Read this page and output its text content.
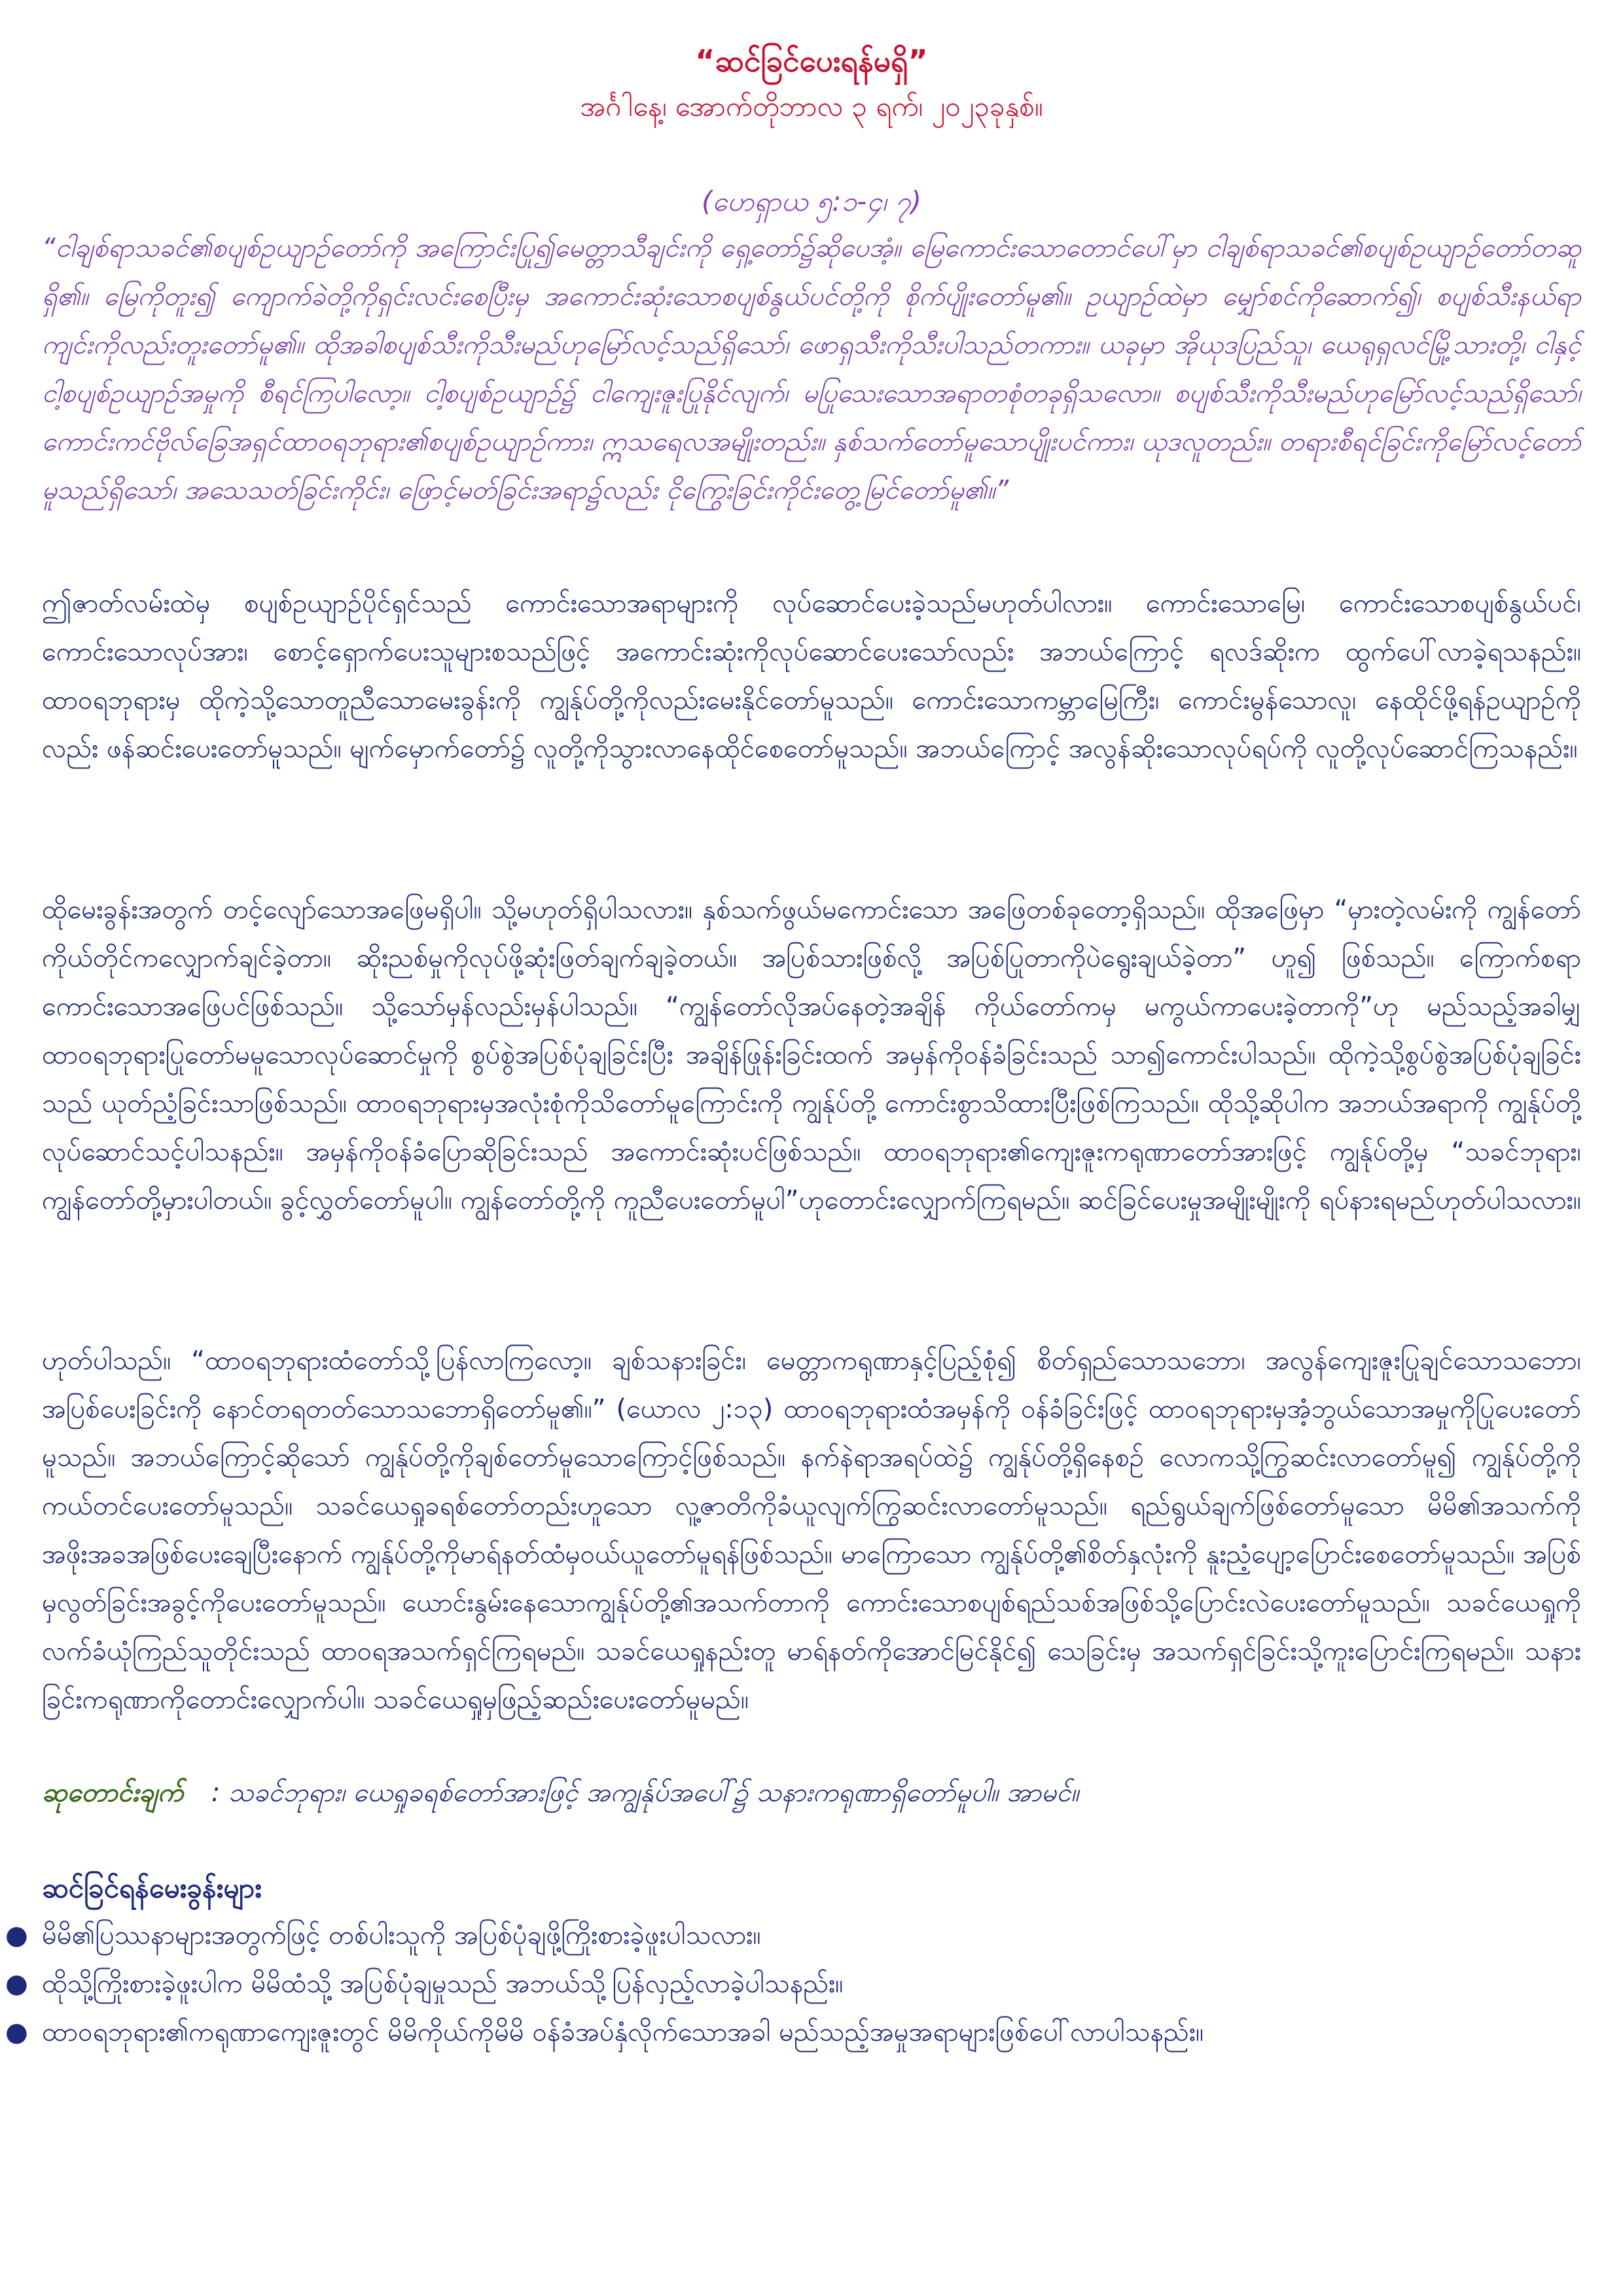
“ဆင်ခြင်ပေးရန်မရှိ”
အင်္ဂါနေ့၊ အောက်တိုဘာလ ၃ ရက်၊ ၂၀၂၃ခုနှစ်။
(ဟေရှာယ ၅:၁-၄၊ ၇)
“ငါချစ်ရာသခင်၏စပျစ်ဥယျာဉ်တော်ကို အကြောင်းပြု၍မေတ္တာသီချင်းကို ရှေ့တော်၌ဆိုပေအံ့။ မြေကောင်းသောတောင်ပေါ်မှာ ငါချစ်ရာသခင်၏စပျစ်ဥယျာဉ်တော်တဆူရှိ၏။ မြေကိုတူး၍ ကျောက်ခဲတို့ကိုရှင်းလင်းစေပြီးမှ အကောင်းဆုံးသောစပျစ်နွယ်ပင်တို့ကို စိုက်ပျိုးတော်မူ၏။ ဥယျာဉ်ထဲမှာ မျှော်စင်ကိုဆောက်၍၊ စပျစ်သီးနယ်ရာကျင်းကိုလည်းတူးတော်မူ၏။ ထိုအခါစပျစ်သီးကိုသီးမည်ဟုမြော်လင့်သည်ရှိသော်၊ ဖောရှသီးကိုသီးပါသည်တကား။ ယခုမှာ အိုယုဒပြည်သူ၊ ယေရုရှလင်မြို့သားတို့၊ ငါနှင့်ငါ့စပျစ်ဥယျာဉ်အမှုကို စီရင်ကြပါလော့။ ငါ့စပျစ်ဥယျာဉ်၌ ငါကျေးဇူးပြုနိုင်လျက်၊ မပြုသေးသောအရာတစုံတခုရှိသလော။ စပျစ်သီးကိုသီးမည်ဟုမြော်လင့်သည်ရှိသော်၊ ကောင်းကင်ဗိုလ်ခြေအရှင်ထာဝရဘုရား၏စပျစ်ဥယျာဉ်ကား၊ ဣသရေလအမျိုးတည်း။ နှစ်သက်တော်မူသောပျိုးပင်ကား၊ ယုဒလူတည်း။ တရားစီရင်ခြင်းကိုမြော်လင့်တော်မူသည်ရှိသော်၊ အသေသတ်ခြင်းကိုင်း၊ ဖြောင့်မတ်ခြင်းအရာ၌လည်း ငိုကြွေးခြင်းကိုင်းတွေ့မြင်တော်မူ၏။”
ဤဇာတ်လမ်းထဲမှ စပျစ်ဥယျာဉ်ပိုင်ရှင်သည် ကောင်းသောအရာများကို လုပ်ဆောင်ပေးခဲ့သည်မဟုတ်ပါလား။ ကောင်းသောမြေ၊ ကောင်းသောစပျစ်နွယ်ပင်၊ ကောင်းသောလုပ်အား၊ စောင့်ရှောက်ပေးသူများစသည်ဖြင့် အကောင်းဆုံးကိုလုပ်ဆောင်ပေးသော်လည်း အဘယ်ကြောင့် ရလဒ်ဆိုးက ထွက်ပေါ်လာခဲ့ရသနည်း။ ထာဝရဘုရားမှ ထိုကဲ့သို့သောတူညီသောမေးခွန်းကို ကျွန်ုပ်တို့ကိုလည်းမေးနိုင်တော်မူသည်။ ကောင်းသောကမ္ဘာမြေကြီး၊ ကောင်းမွန်သောလူ၊ နေထိုင်ဖို့ရန်ဥယျာဉ်ကိုလည်း ဖန်ဆင်းပေးတော်မူသည်။ မျက်မှောက်တော်၌ လူတို့ကိုသွားလာနေထိုင်စေတော်မူသည်။ အဘယ်ကြောင့် အလွန်ဆိုးသောလုပ်ရပ်ကို လူတို့လုပ်ဆောင်ကြသနည်း။
ထိုမေးခွန်းအတွက် တင့်လျော်သောအဖြေမရှိပါ။ သို့မဟုတ်ရှိပါသလား။ နှစ်သက်ဖွယ်မကောင်းသော အဖြေတစ်ခုတော့ရှိသည်။ ထိုအဖြေမှာ “မှားတဲ့လမ်းကို ကျွန်တော်ကိုယ်တိုင်ကလျှောက်ချင်ခဲ့တာ။ ဆိုးညစ်မှုကိုလုပ်ဖို့ဆုံးဖြတ်ချက်ချခဲ့တယ်။ အပြစ်သားဖြစ်လို့ အပြစ်ပြုတာကိုပဲရွေးချယ်ခဲ့တာ” ဟူ၍ ဖြစ်သည်။ ကြောက်စရာကောင်းသောအဖြေပင်ဖြစ်သည်။ သို့သော်မှန်လည်းမှန်ပါသည်။ “ကျွန်တော်လိုအပ်နေတဲ့အချိန် ကိုယ်တော်ကမှ မကွယ်ကာပေးခဲ့တာကို”ဟု မည်သည့်အခါမျှ ထာဝရဘုရားပြုတော်မမူသောလုပ်ဆောင်မှုကို စွပ်စွဲအပြစ်ပုံချခြင်းပြီး အချိန်ဖြုန်းခြင်းထက် အမှန်ကိုဝန်ခံခြင်းသည် သာ၍ကောင်းပါသည်။ ထိုကဲ့သို့စွပ်စွဲအပြစ်ပုံချခြင်းသည် ယုတ်ညံ့ခြင်းသာဖြစ်သည်။ ထာဝရဘုရားမှအလုံးစုံကိုသိတော်မူကြောင်းကို ကျွန်ုပ်တို့ ကောင်းစွာသိထားပြီးဖြစ်ကြသည်။ ထိုသို့ဆိုပါက အဘယ်အရာကို ကျွန်ုပ်တို့လုပ်ဆောင်သင့်ပါသနည်း။ အမှန်ကိုဝန်ခံပြောဆိုခြင်းသည် အကောင်းဆုံးပင်ဖြစ်သည်။ ထာဝရဘုရား၏ကျေးဇူးကရုဏာတော်အားဖြင့် ကျွန်ုပ်တို့မှ “သခင်ဘုရား၊ ကျွန်တော်တို့မှားပါတယ်။ ခွင့်လွှတ်တော်မူပါ။ ကျွန်တော်တို့ကို ကူညီပေးတော်မူပါ”ဟုတောင်းလျှောက်ကြရမည်။ ဆင်ခြင်ပေးမှုအမျိုးမျိုးကို ရပ်နားရမည်ဟုတ်ပါသလား။
ဟုတ်ပါသည်။ “ထာဝရဘုရားထံတော်သို့ပြန်လာကြလော့။ ချစ်သနားခြင်း၊ မေတ္တာကရုဏာနှင့်ပြည့်စုံ၍ စိတ်ရှည်သောသဘော၊ အလွန်ကျေးဇူးပြုချင်သောသဘော၊ အပြစ်ပေးခြင်းကို နောင်တရတတ်သောသဘောရှိတော်မူ၏။” (ယောလ ၂:၁၃) ထာဝရဘုရားထံအမှန်ကို ဝန်ခံခြင်းဖြင့် ထာဝရဘုရားမှအံ့ဘွယ်သောအမှုကိုပြုပေးတော်မူသည်။ အဘယ်ကြောင့်ဆိုသော် ကျွန်ုပ်တို့ကိုချစ်တော်မူသောကြောင့်ဖြစ်သည်။ နက်နဲရာအရပ်ထဲ၌ ကျွန်ုပ်တို့ရှိနေစဉ် လောကသို့ကြွဆင်းလာတော်မူ၍ ကျွန်ုပ်တို့ကိုကယ်တင်ပေးတော်မူသည်။ သခင်ယေရှုခရစ်တော်တည်းဟူသော လူ့ဇာတိကိုခံယူလျက်ကြွဆင်းလာတော်မူသည်။ ရည်ရွယ်ချက်ဖြစ်တော်မူသော မိမိ၏အသက်ကိုအဖိုးအခအဖြစ်ပေးချေပြီးနောက် ကျွန်ုပ်တို့ကိုမာရ်နတ်ထံမှဝယ်ယူတော်မူရန်ဖြစ်သည်။ မာကြောသော ကျွန်ုပ်တို့၏စိတ်နှလုံးကို နူးညံ့ပျော့ပြောင်းစေတော်မူသည်။ အပြစ်မှလွတ်ခြင်းအခွင့်ကိုပေးတော်မူသည်။ ယောင်းနွမ်းနေသောကျွန်ုပ်တို့၏အသက်တာကို ကောင်းသောစပျစ်ရည်သစ်အဖြစ်သို့ပြောင်းလဲပေးတော်မူသည်။ သခင်ယေရှုကိုလက်ခံယုံကြည်သူတိုင်းသည် ထာဝရအသက်ရှင်ကြရမည်။ သခင်ယေရှုနည်းတူ မာရ်နတ်ကိုအောင်မြင်နိုင်၍ သေခြင်းမှ အသက်ရှင်ခြင်းသို့ကူးပြောင်းကြရမည်။ သနားခြင်းကရုဏာကိုတောင်းလျှောက်ပါ။ သခင်ယေရှုမှဖြည့်ဆည်းပေးတော်မူမည်။
ဆုတောင်းချက် : သခင်ဘုရား၊ ယေရှုခရစ်တော်အားဖြင့် အကျွန်ုပ်အပေါ်၌ သနားကရုဏာရှိတော်မူပါ။ အာမင်။
ဆင်ခြင်ရန်မေးခွန်းများ
● မိမိ၏ပြဿနာများအတွက်ဖြင့် တစ်ပါးသူကို အပြစ်ပုံချဖို့ကြိုးစားခဲ့ဖူးပါသလား။
● ထိုသို့ကြိုးစားခဲ့ဖူးပါက မိမိထံသို့ အပြစ်ပုံချမှုသည် အဘယ်သို့ပြန်လှည့်လာခဲ့ပါသနည်း။
● ထာဝရဘုရား၏ကရုဏာကျေးဇူးတွင် မိမိကိုယ်ကိုမိမိ ဝန်ခံအပ်နှံလိုက်သောအခါ မည်သည့်အမှုအရာများဖြစ်ပေါ်လာပါသနည်း။
